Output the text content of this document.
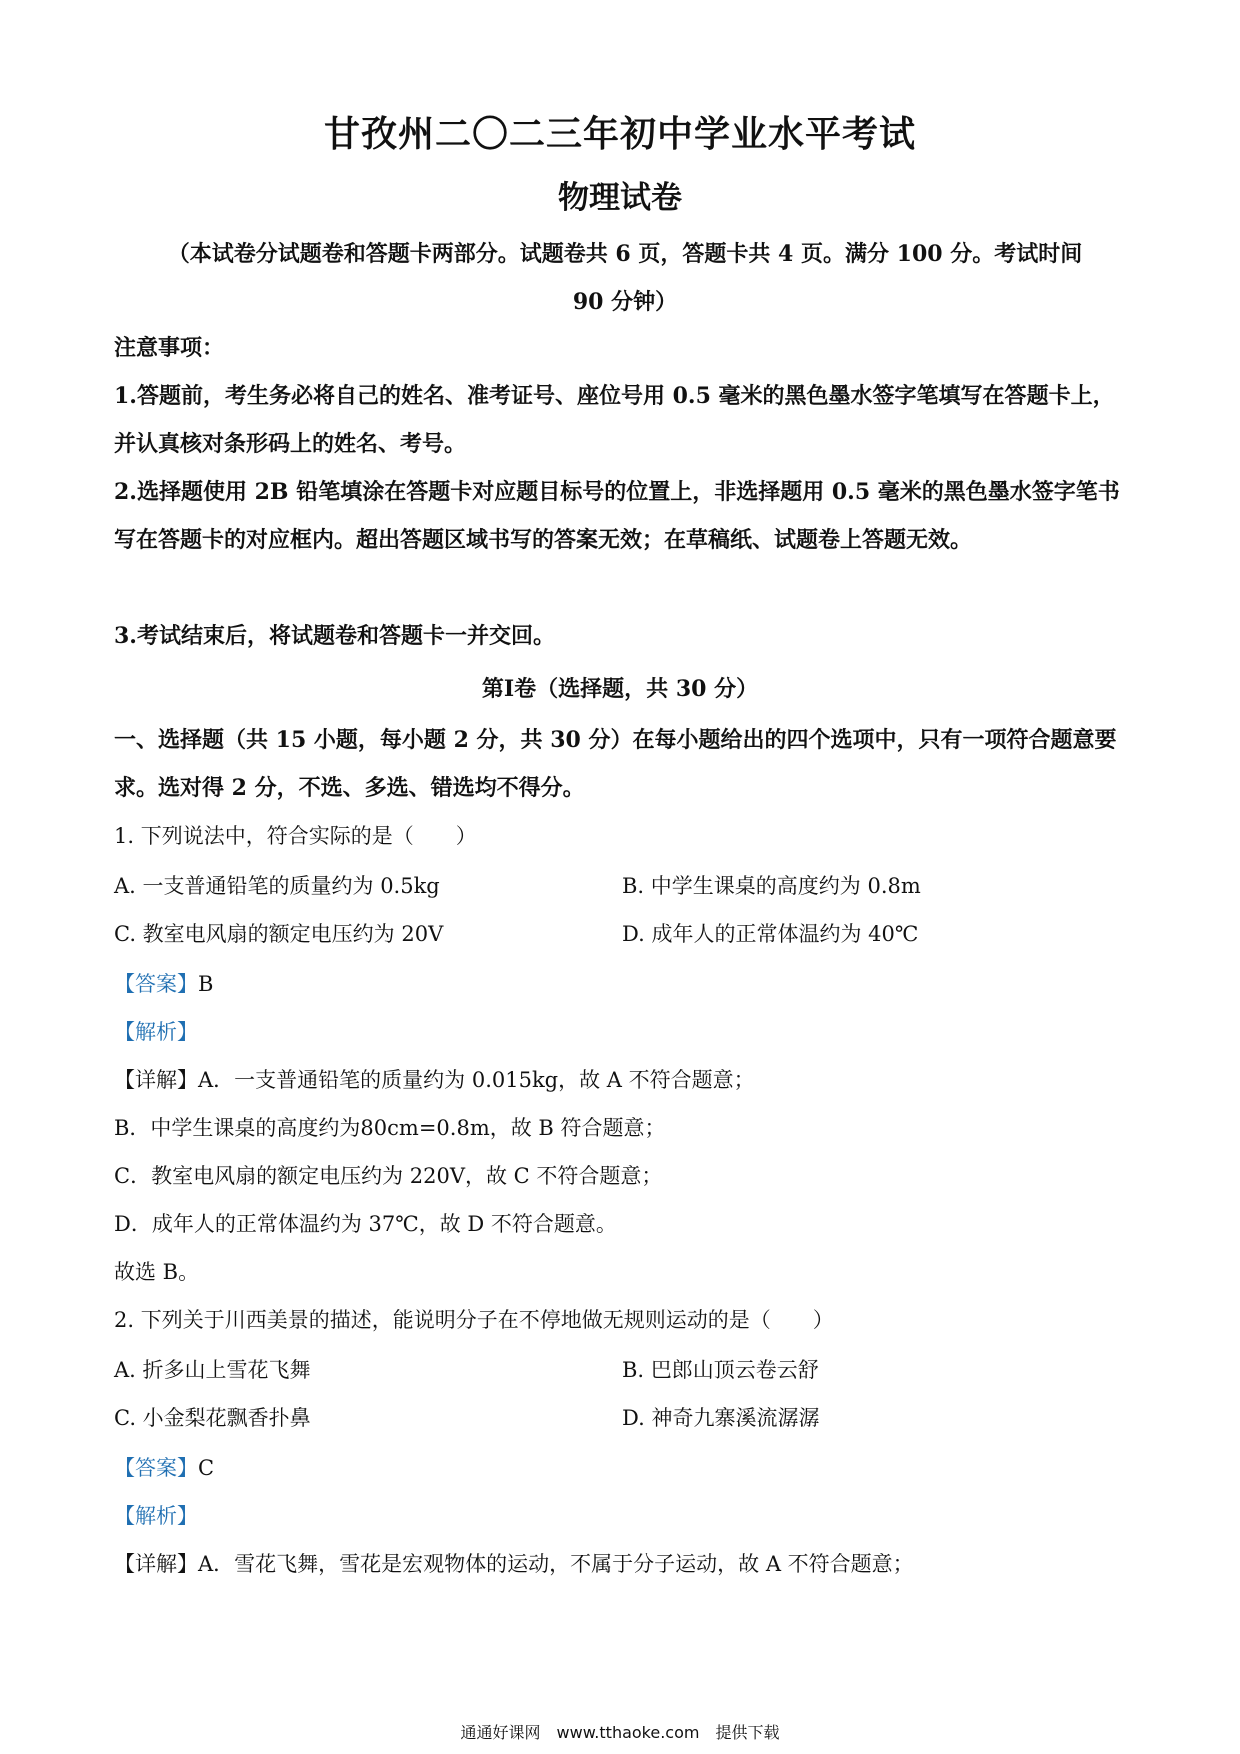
甘孜州二〇二三年初中学业水平考试
物理试卷
（本试卷分试题卷和答题卡两部分。试题卷共 6 页，答题卡共 4 页。满分 100 分。考试时间
90 分钟）
注意事项：
1.答题前，考生务必将自己的姓名、准考证号、座位号用 0.5 毫米的黑色墨水签字笔填写在答题卡上，并认真核对条形码上的姓名、考号。
2.选择题使用 2B 铅笔填涂在答题卡对应题目标号的位置上，非选择题用 0.5 毫米的黑色墨水签字笔书写在答题卡的对应框内。超出答题区域书写的答案无效；在草稿纸、试题卷上答题无效。
3.考试结束后，将试题卷和答题卡一并交回。
第Ⅰ卷（选择题，共 30 分）
一、选择题（共 15 小题，每小题 2 分，共 30 分）在每小题给出的四个选项中，只有一项符合题意要求。选对得 2 分，不选、多选、错选均不得分。
1. 下列说法中，符合实际的是（　　）
A. 一支普通铅笔的质量约为 0.5kg	B. 中学生课桌的高度约为 0.8m
C. 教室电风扇的额定电压约为 20V	D. 成年人的正常体温约为 40℃
【答案】B
【解析】
【详解】A．一支普通铅笔的质量约为 0.015kg，故 A 不符合题意；
B．中学生课桌的高度约为80cm=0.8m，故 B 符合题意；
C．教室电风扇的额定电压约为 220V，故 C 不符合题意；
D．成年人的正常体温约为 37℃，故 D 不符合题意。
故选 B。
2. 下列关于川西美景的描述，能说明分子在不停地做无规则运动的是（　　）
A. 折多山上雪花飞舞	B. 巴郎山顶云卷云舒
C. 小金梨花飘香扑鼻	D. 神奇九寨溪流潺潺
【答案】C
【解析】
【详解】A．雪花飞舞，雪花是宏观物体的运动，不属于分子运动，故 A 不符合题意；
通通好课网　www.tthaoke.com　提供下载
